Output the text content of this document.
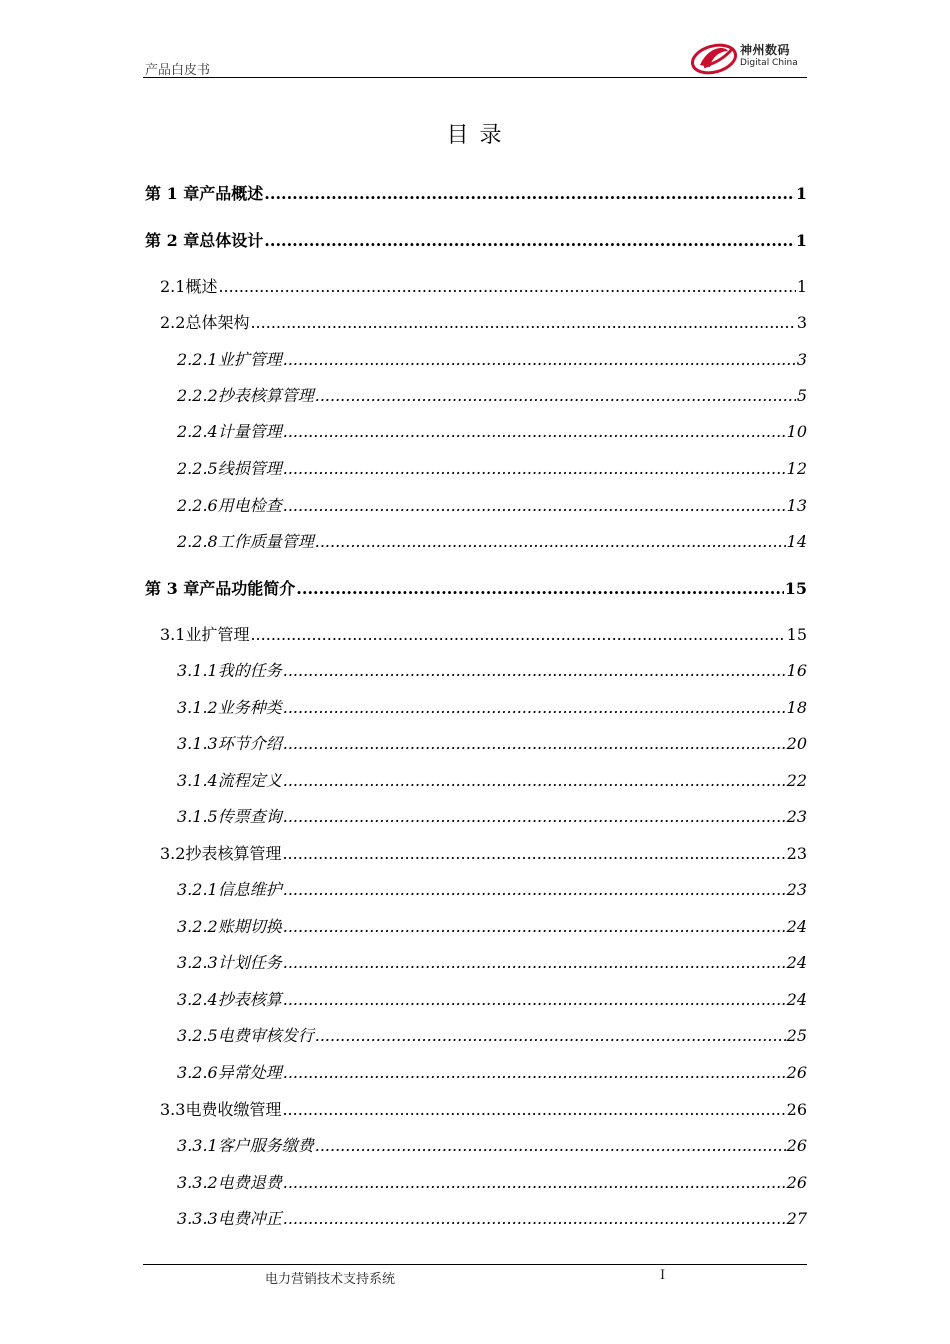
产品白皮书
神州数码
Digital China
目 录
第 1 章 产品概述 .....	1
第 2 章 总体设计 .....	1
2.1 概述 .....	1
2.2 总体架构 .....	3
2.2.1 业扩管理 .....	3
2.2.2 抄表核算管理 .....	5
2.2.4 计量管理 .....	10
2.2.5 线损管理 .....	12
2.2.6 用电检查 .....	13
2.2.8 工作质量管理 .....	14
第 3 章 产品功能简介 .....	15
3.1 业扩管理 .....	15
3.1.1 我的任务 .....	16
3.1.2 业务种类 .....	18
3.1.3 环节介绍 .....	20
3.1.4 流程定义 .....	22
3.1.5 传票查询 .....	23
3.2 抄表核算管理 .....	23
3.2.1 信息维护 .....	23
3.2.2 账期切换 .....	24
3.2.3 计划任务 .....	24
3.2.4 抄表核算 .....	24
3.2.5 电费审核发行 .....	25
3.2.6 异常处理 .....	26
3.3 电费收缴管理 .....	26
3.3.1 客户服务缴费 .....	26
3.3.2 电费退费 .....	26
3.3.3 电费冲正 .....	27
电力营销技术支持系统	I
